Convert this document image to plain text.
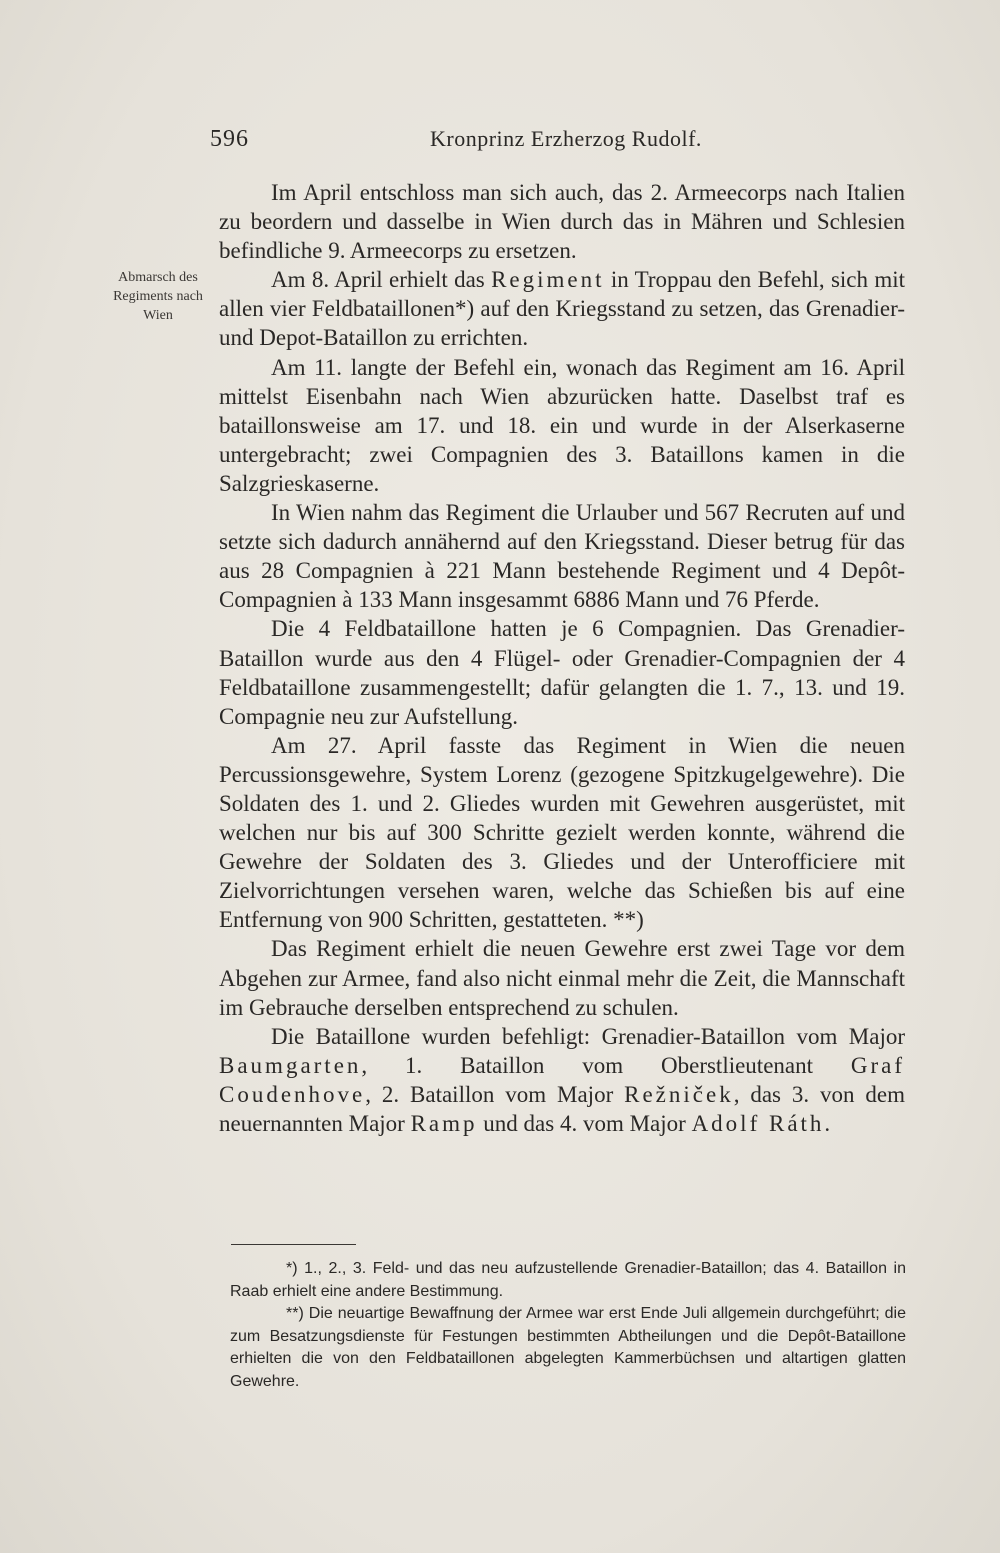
596	Kronprinz Erzherzog Rudolf.
Abmarsch des
Regiments nach
Wien

Im April entschloss man sich auch, das 2. Armeecorps nach Italien zu beordern und dasselbe in Wien durch das in Mähren und Schlesien befindliche 9. Armeecorps zu ersetzen.

Am 8. April erhielt das Regiment in Troppau den Befehl, sich mit allen vier Feldbataillonen*) auf den Kriegsstand zu setzen, das Grenadier- und Depot-Bataillon zu errichten.

Am 11. langte der Befehl ein, wonach das Regiment am 16. April mittelst Eisenbahn nach Wien abzurücken hatte. Daselbst traf es bataillonsweise am 17. und 18. ein und wurde in der Alserkaserne untergebracht; zwei Compagnien des 3. Bataillons kamen in die Salzgrieskaserne.

In Wien nahm das Regiment die Urlauber und 567 Recruten auf und setzte sich dadurch annähernd auf den Kriegsstand. Dieser betrug für das aus 28 Compagnien à 221 Mann bestehende Regiment und 4 Depôt-Compagnien à 133 Mann insgesammt 6886 Mann und 76 Pferde.

Die 4 Feldbataillone hatten je 6 Compagnien. Das Grenadier-Bataillon wurde aus den 4 Flügel- oder Grenadier-Compagnien der 4 Feldbataillone zusammengestellt; dafür gelangten die 1. 7., 13. und 19. Compagnie neu zur Aufstellung.

Am 27. April fasste das Regiment in Wien die neuen Percussionsgewehre, System Lorenz (gezogene Spitzkugelgewehre). Die Soldaten des 1. und 2. Gliedes wurden mit Gewehren ausgerüstet, mit welchen nur bis auf 300 Schritte gezielt werden konnte, während die Gewehre der Soldaten des 3. Gliedes und der Unterofficiere mit Zielvorrichtungen versehen waren, welche das Schießen bis auf eine Entfernung von 900 Schritten, gestatteten. **)

Das Regiment erhielt die neuen Gewehre erst zwei Tage vor dem Abgehen zur Armee, fand also nicht einmal mehr die Zeit, die Mannschaft im Gebrauche derselben entsprechend zu schulen.

Die Bataillone wurden befehligt: Grenadier-Bataillon vom Major Baumgarten, 1. Bataillon vom Oberstlieutenant Graf Coudenhove, 2. Bataillon vom Major Režniček, das 3. von dem neuernannten Major Ramp und das 4. vom Major Adolf Ráth.

*) 1., 2., 3. Feld- und das neu aufzustellende Grenadier-Bataillon; das 4. Bataillon in Raab erhielt eine andere Bestimmung.

**) Die neuartige Bewaffnung der Armee war erst Ende Juli allgemein durchgeführt; die zum Besatzungsdienste für Festungen bestimmten Abtheilungen und die Depôt-Bataillone erhielten die von den Feldbataillonen abgelegten Kammerbüchsen und altartigen glatten Gewehre.
